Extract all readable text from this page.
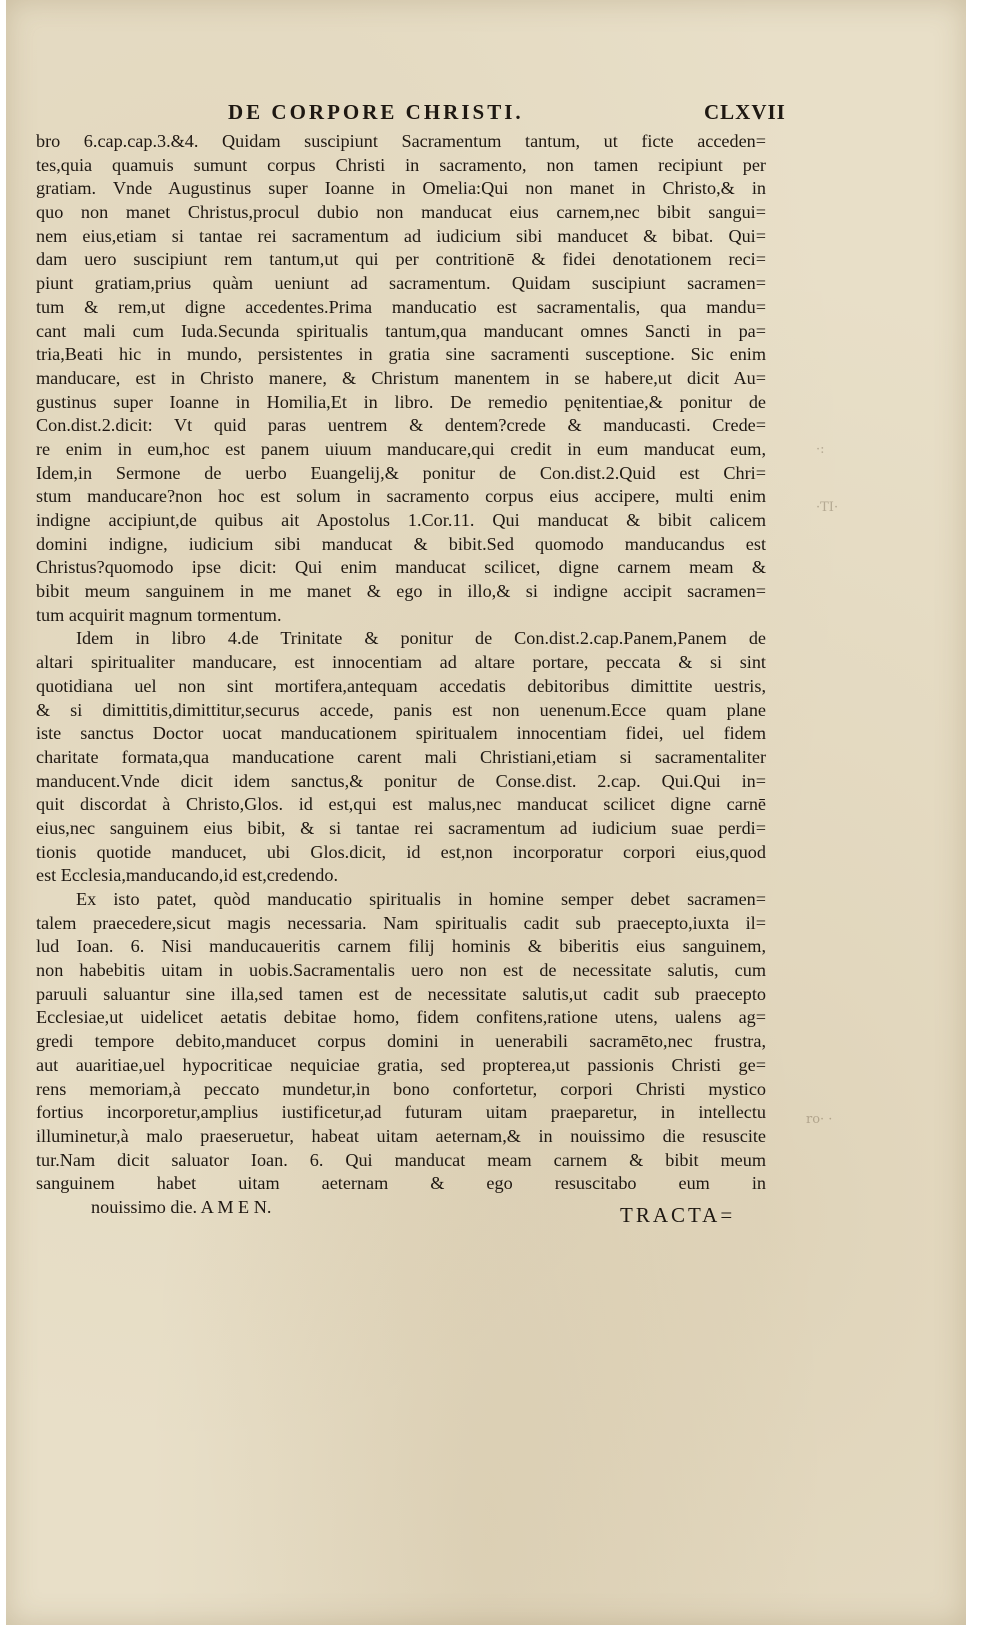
DE CORPORE CHRISTI.	CLXVII
bro 6.cap.cap.3.&4. Quidam suscipiunt Sacramentum tantum, ut ficte acceden=
tes,quia quamuis sumunt corpus Christi in sacramento, non tamen recipiunt per
gratiam. Vnde Augustinus super Ioanne in Omelia:Qui non manet in Christo,& in
quo non manet Christus,procul dubio non manducat eius carnem,nec bibit sangui=
nem eius,etiam si tantae rei sacramentum ad iudicium sibi manducet & bibat. Qui=
dam uero suscipiunt rem tantum,ut qui per contritionē & fidei denotationem reci=
piunt gratiam,prius quàm ueniunt ad sacramentum. Quidam suscipiunt sacramen=
tum & rem,ut digne accedentes.Prima manducatio est sacramentalis, qua mandu=
cant mali cum Iuda.Secunda spiritualis tantum,qua manducant omnes Sancti in pa=
tria,Beati hic in mundo, persistentes in gratia sine sacramenti susceptione. Sic enim
manducare, est in Christo manere, & Christum manentem in se habere,ut dicit Au=
gustinus super Ioanne in Homilia,Et in libro. De remedio pęnitentiae,& ponitur de
Con.dist.2.dicit: Vt quid paras uentrem & dentem?crede & manducasti. Crede=
re enim in eum,hoc est panem uiuum manducare,qui credit in eum manducat eum,
Idem,in Sermone de uerbo Euangelij,& ponitur de Con.dist.2.Quid est Chri=
stum manducare?non hoc est solum in sacramento corpus eius accipere, multi enim
indigne accipiunt,de quibus ait Apostolus 1.Cor.11. Qui manducat & bibit calicem
domini indigne, iudicium sibi manducat & bibit.Sed quomodo manducandus est
Christus?quomodo ipse dicit: Qui enim manducat scilicet, digne carnem meam &
bibit meum sanguinem in me manet & ego in illo,& si indigne accipit sacramen=
tum acquirit magnum tormentum.
Idem in libro 4.de Trinitate & ponitur de Con.dist.2.cap.Panem,Panem de
altari spiritualiter manducare, est innocentiam ad altare portare, peccata & si sint
quotidiana uel non sint mortifera,antequam accedatis debitoribus dimittite uestris,
& si dimittitis,dimittitur,securus accede, panis est non uenenum.Ecce quam plane
iste sanctus Doctor uocat manducationem spiritualem innocentiam fidei, uel fidem
charitate formata,qua manducatione carent mali Christiani,etiam si sacramentaliter
manducent.Vnde dicit idem sanctus,& ponitur de Consе.dist. 2.cap. Qui.Qui in=
quit discordat à Christo,Glos. id est,qui est malus,nec manducat scilicet digne carnē
eius,nec sanguinem eius bibit, & si tantae rei sacramentum ad iudicium suae perdi=
tionis quotide manducet, ubi Glos.dicit, id est,non incorporatur corpori eius,quod
est Ecclesia,manducando,id est,credendo.
Ex isto patet, quòd manducatio spiritualis in homine semper debet sacramen=
talem praecedere,sicut magis necessaria. Nam spiritualis cadit sub praecepto,iuxta il=
lud Ioan. 6. Nisi manducaueritis carnem filij hominis & biberitis eius sanguinem,
non habebitis uitam in uobis.Sacramentalis uero non est de necessitate salutis, cum
paruuli saluantur sine illa,sed tamen est de necessitate salutis,ut cadit sub praecepto
Ecclesiae,ut uidelicet aetatis debitae homo, fidem confitens,ratione utens, ualens ag=
gredi tempore debito,manducet corpus domini in uenerabili sacramēto,nec frustra,
aut auaritiae,uel hypocriticae nequiciae gratia, sed propterea,ut passionis Christi ge=
rens memoriam,à peccato mundetur,in bono confortetur, corpori Christi mystico
fortius incorporetur,amplius iustificetur,ad futuram uitam praeparetur, in intellectu
illuminetur,à malo praeseruetur, habeat uitam aeternam,& in nouissimo die resuscite
tur.Nam dicit saluator Ioan. 6. Qui manducat meam carnem & bibit meum
sanguinem habet uitam aeternam & ego resuscitabo eum in
nouissimo die. A M E N.	TRACTA=
·:
·TI·
ro· ·
